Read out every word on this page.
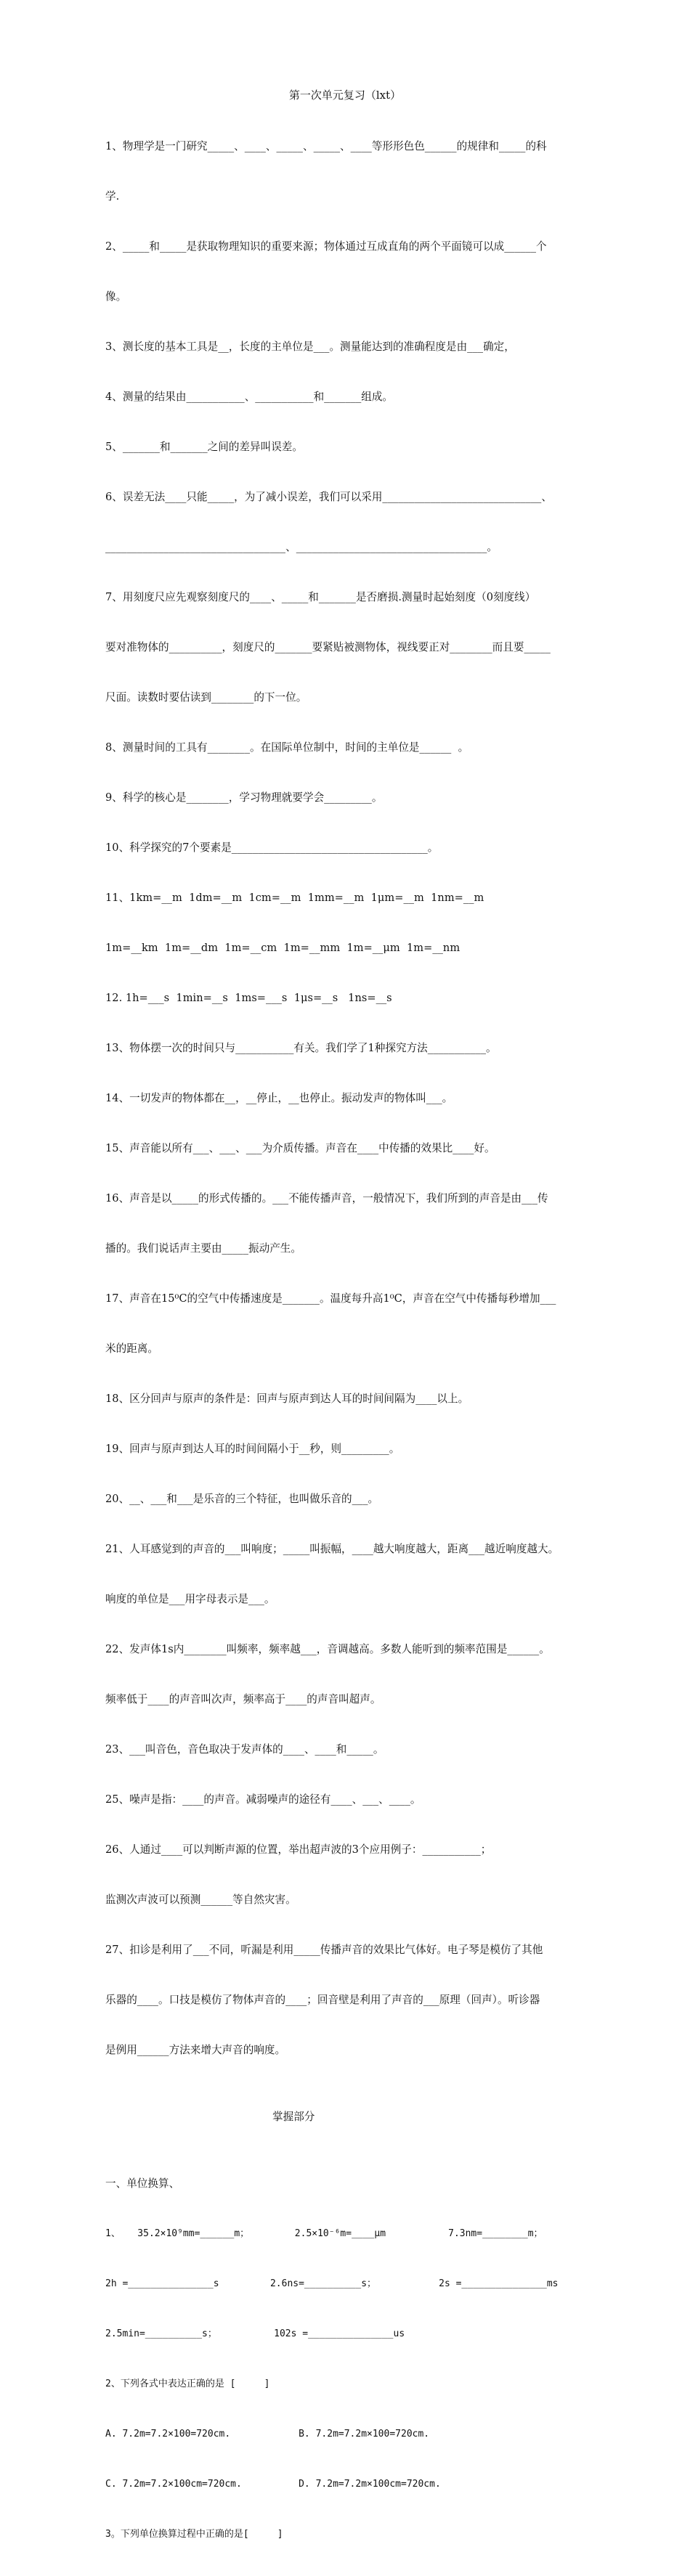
第一次单元复习（lxt）

1、物理学是一门研究_____、____、_____、_____、____等形形色色______的规律和_____的科

学.

2、_____和_____是获取物理知识的重要来源；物体通过互成直角的两个平面镜可以成______个

像。

3、测长度的基本工具是__，长度的主单位是___。测量能达到的准确程度是由___确定，

4、测量的结果由___________、___________和_______组成。

5、_______和_______之间的差异叫误差。

6、误差无法____只能_____，为了减小误差，我们可以采用______________________________、

__________________________________、____________________________________。

7、用刻度尺应先观察刻度尺的____、_____和_______是否磨损.测量时起始刻度（0刻度线）

要对准物体的__________，刻度尺的_______要紧贴被测物体，视线要正对________而且要_____

尺面。读数时要估读到________的下一位。

8、测量时间的工具有________。在国际单位制中，时间的主单位是______  。

9、科学的核心是________，学习物理就要学会_________。

10、科学探究的7个要素是_____________________________________。

11、1km=__m  1dm=__m  1cm=__m  1mm=__m  1μm=__m  1nm=__m

1m=__km  1m=__dm  1m=__cm  1m=__mm  1m=__μm  1m=__nm

12. 1h=___s  1min=__s  1ms=___s  1μs=__s   1ns=__s

13、物体摆一次的时间只与___________有关。我们学了1种探究方法___________。

14、一切发声的物体都在__，__停止，__也停止。振动发声的物体叫___。

15、声音能以所有___、___、___为介质传播。声音在____中传播的效果比____好。

16、声音是以_____的形式传播的。___不能传播声音，一般情况下，我们所到的声音是由___传

播的。我们说话声主要由_____振动产生。

17、声音在15⁰C的空气中传播速度是_______。温度每升高1⁰C，声音在空气中传播每秒增加___

米的距离。

18、区分回声与原声的条件是：回声与原声到达人耳的时间间隔为____以上。

19、回声与原声到达人耳的时间间隔小于__秒，则_________。

20、__、___和___是乐音的三个特征，也叫做乐音的___。

21、人耳感觉到的声音的___叫响度；_____叫振幅，____越大响度越大，距离___越近响度越大。

响度的单位是___用字母表示是___。

22、发声体1s内________叫频率，频率越___，音调越高。多数人能听到的频率范围是______。

频率低于____的声音叫次声，频率高于____的声音叫超声。

23、___叫音色，音色取决于发声体的____、____和_____。

25、噪声是指：____的声音。减弱噪声的途径有____、___、____。

26、人通过____可以判断声源的位置，举出超声波的3个应用例子：___________；

监测次声波可以预测______等自然灾害。

27、扣诊是利用了___不同，听漏是利用_____传播声音的效果比气体好。电子琴是模仿了其他

乐器的____。口技是模仿了物体声音的____；回音壁是利用了声音的___原理（回声）。听诊器

是例用______方法来增大声音的响度。

掌握部分

一、单位换算、

1、   35.2×10⁹mm=______m；        2.5×10⁻⁶m=____μm           7.3nm=________m；

2h =_______________s         2.6ns=__________s；           2s =_______________ms

2.5min=__________s；          102s =_______________us

2、下列各式中表达正确的是 [     ]

A. 7.2m=7.2×100=720cm.            B. 7.2m=7.2m×100=720cm.

C. 7.2m=7.2×100cm=720cm.          D. 7.2m=7.2m×100cm=720cm.

3。下列单位换算过程中正确的是[     ]
